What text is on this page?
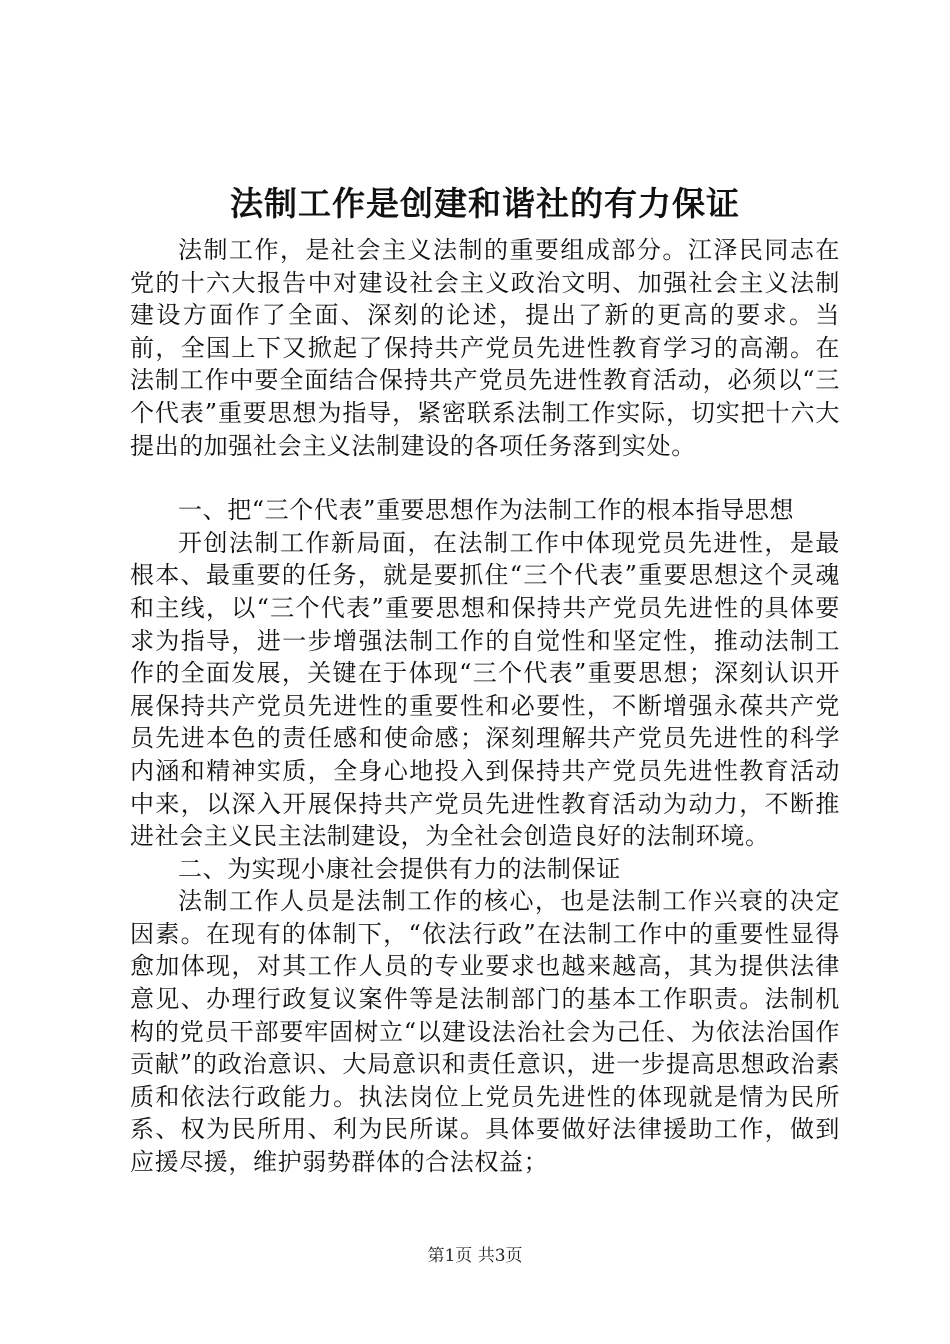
法制工作是创建和谐社的有力保证

法制工作，是社会主义法制的重要组成部分。江泽民同志在党的十六大报告中对建设社会主义政治文明、加强社会主义法制建设方面作了全面、深刻的论述，提出了新的更高的要求。当前，全国上下又掀起了保持共产党员先进性教育学习的高潮。在法制工作中要全面结合保持共产党员先进性教育活动，必须以“三个代表”重要思想为指导，紧密联系法制工作实际，切实把十六大提出的加强社会主义法制建设的各项任务落到实处。

一、把“三个代表”重要思想作为法制工作的根本指导思想

开创法制工作新局面，在法制工作中体现党员先进性，是最根本、最重要的任务，就是要抓住“三个代表”重要思想这个灵魂和主线，以“三个代表”重要思想和保持共产党员先进性的具体要求为指导，进一步增强法制工作的自觉性和坚定性，推动法制工作的全面发展，关键在于体现“三个代表”重要思想；深刻认识开展保持共产党员先进性的重要性和必要性，不断增强永葆共产党员先进本色的责任感和使命感；深刻理解共产党员先进性的科学内涵和精神实质，全身心地投入到保持共产党员先进性教育活动中来，以深入开展保持共产党员先进性教育活动为动力，不断推进社会主义民主法制建设，为全社会创造良好的法制环境。

二、为实现小康社会提供有力的法制保证

法制工作人员是法制工作的核心，也是法制工作兴衰的决定因素。在现有的体制下，“依法行政”在法制工作中的重要性显得愈加体现，对其工作人员的专业要求也越来越高，其为提供法律意见、办理行政复议案件等是法制部门的基本工作职责。法制机构的党员干部要牢固树立“以建设法治社会为己任、为依法治国作贡献”的政治意识、大局意识和责任意识，进一步提高思想政治素质和依法行政能力。执法岗位上党员先进性的体现就是情为民所系、权为民所用、利为民所谋。具体要做好法律援助工作，做到应援尽援，维护弱势群体的合法权益；

第1页 共3页
